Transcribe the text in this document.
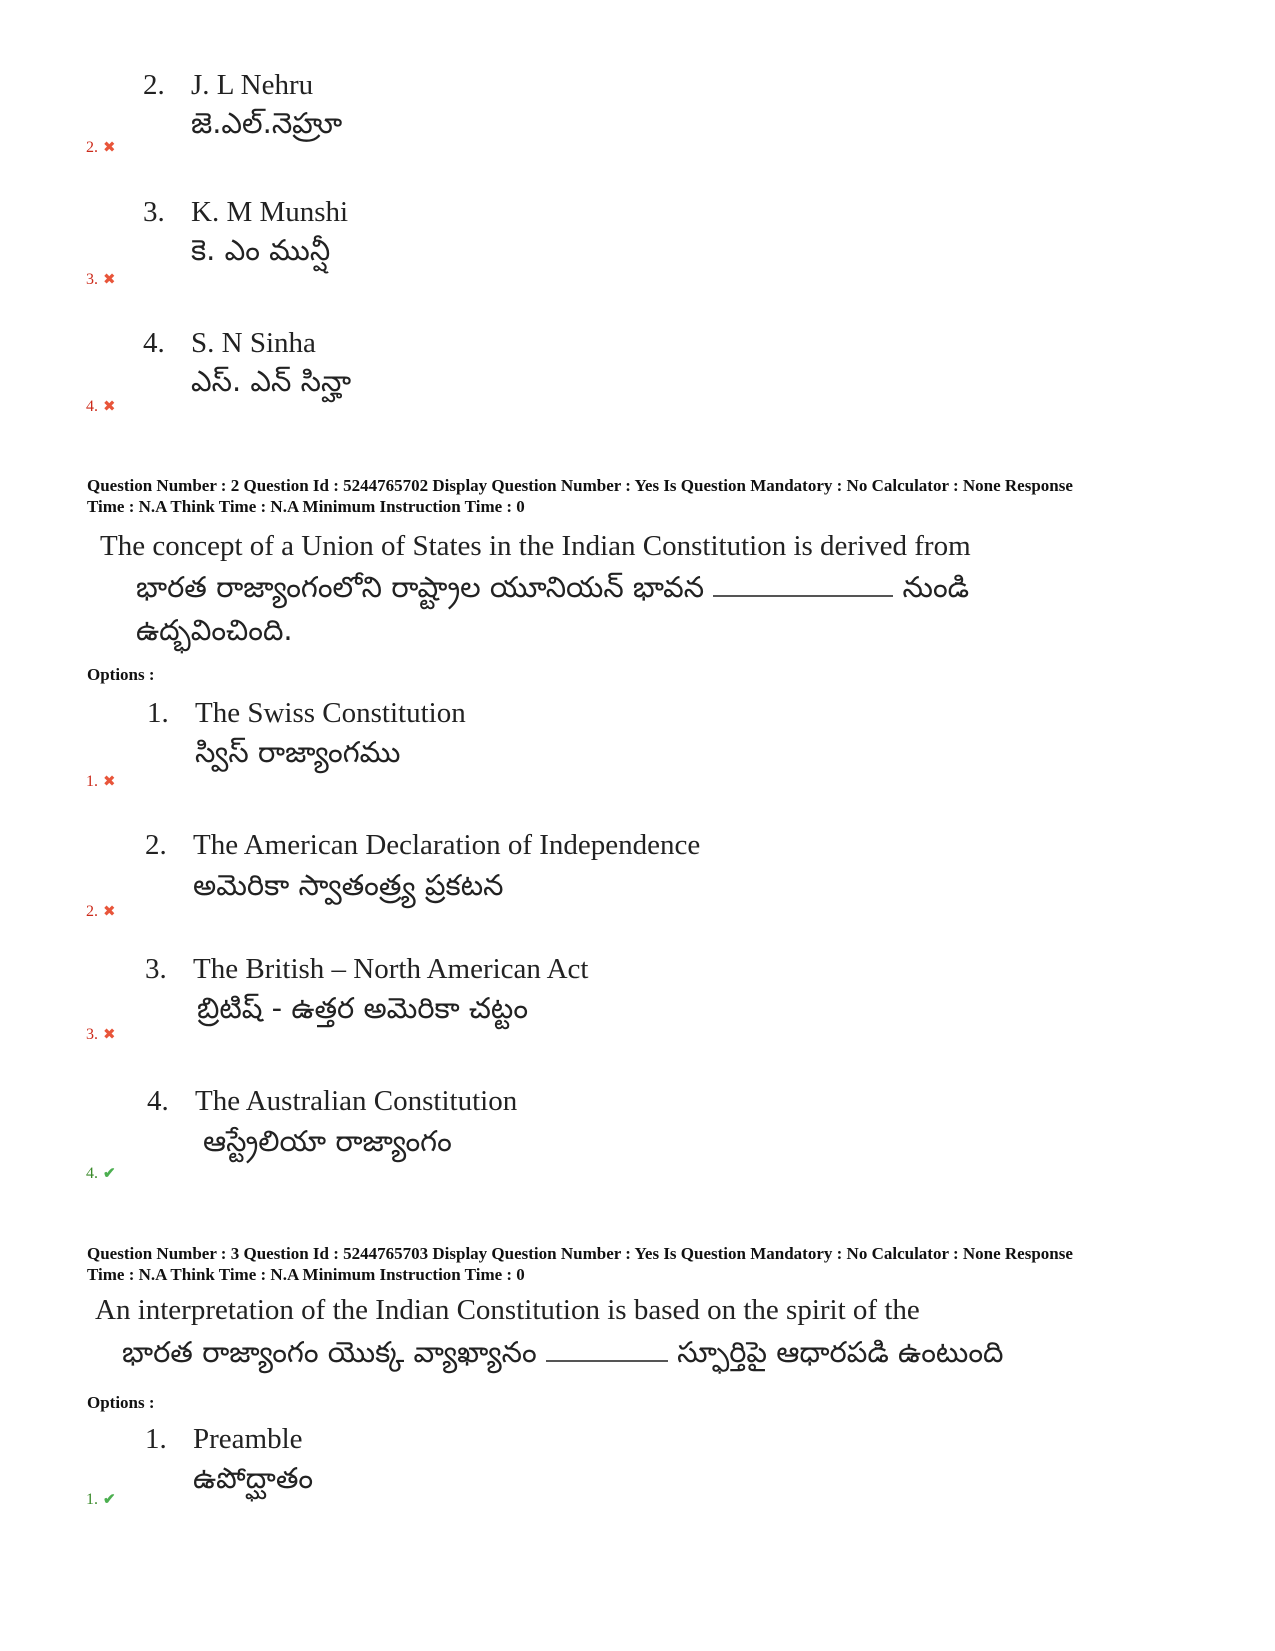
2. J. L Nehru
జె.ఎల్.నెహ్రూ
2. ✖
3. K. M Munshi
కె. ఎం మున్షీ
3. ✖
4. S. N Sinha
ఎస్. ఎన్ సిన్హా
4. ✖
Question Number : 2 Question Id : 5244765702 Display Question Number : Yes Is Question Mandatory : No Calculator : None Response
Time : N.A Think Time : N.A Minimum Instruction Time : 0
The concept of a Union of States in the Indian Constitution is derived from
భారత రాజ్యాంగంలోని రాష్ట్రాల యూనియన్ భావన	నుండి
ఉద్భవించింది.
Options :
1. The Swiss Constitution
స్విస్ రాజ్యాంగము
1. ✖
2. The American Declaration of Independence
అమెరికా స్వాతంత్ర్య ప్రకటన
2. ✖
3. The British – North American Act
బ్రిటిష్ - ఉత్తర అమెరికా చట్టం
3. ✖
4. The Australian Constitution
ఆస్ట్రేలియా రాజ్యాంగం
4. ✔
Question Number : 3 Question Id : 5244765703 Display Question Number : Yes Is Question Mandatory : No Calculator : None Response
Time : N.A Think Time : N.A Minimum Instruction Time : 0
An interpretation of the Indian Constitution is based on the spirit of the
భారత రాజ్యాంగం యొక్క వ్యాఖ్యానం	స్ఫూర్తిపై ఆధారపడి ఉంటుంది
Options :
1. Preamble
ఉపోద్ఘాతం
1. ✔
